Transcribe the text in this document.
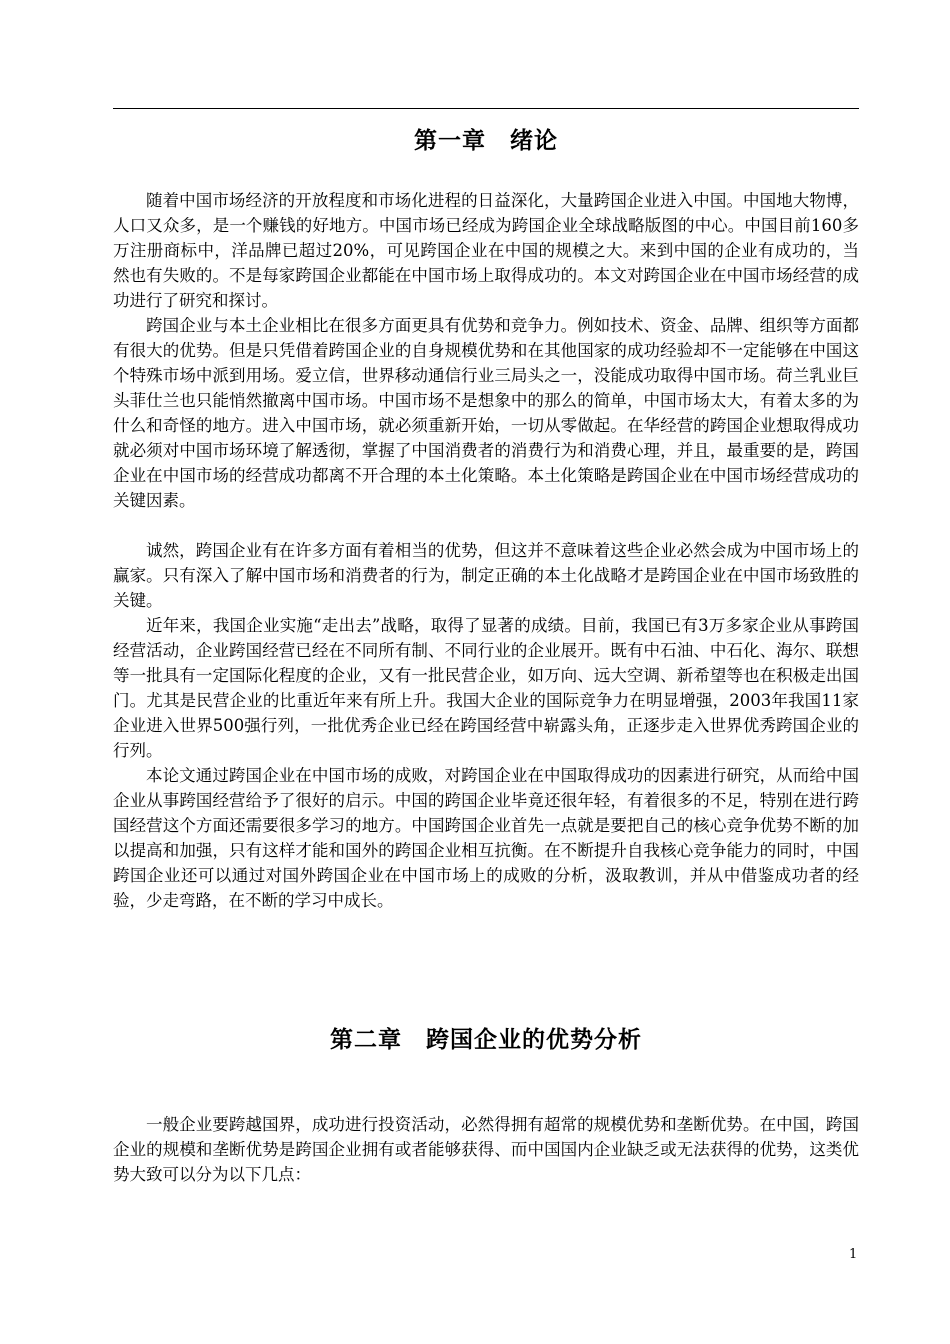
第一章　绪论
随着中国市场经济的开放程度和市场化进程的日益深化，大量跨国企业进入中国。中国地大物博，人口又众多，是一个赚钱的好地方。中国市场已经成为跨国企业全球战略版图的中心。中国目前160多万注册商标中，洋品牌已超过20%，可见跨国企业在中国的规模之大。来到中国的企业有成功的，当然也有失败的。不是每家跨国企业都能在中国市场上取得成功的。本文对跨国企业在中国市场经营的成功进行了研究和探讨。
跨国企业与本土企业相比在很多方面更具有优势和竞争力。例如技术、资金、品牌、组织等方面都有很大的优势。但是只凭借着跨国企业的自身规模优势和在其他国家的成功经验却不一定能够在中国这个特殊市场中派到用场。爱立信，世界移动通信行业三局头之一，没能成功取得中国市场。荷兰乳业巨头菲仕兰也只能悄然撤离中国市场。中国市场不是想象中的那么的简单，中国市场太大，有着太多的为什么和奇怪的地方。进入中国市场，就必须重新开始，一切从零做起。在华经营的跨国企业想取得成功就必须对中国市场环境了解透彻，掌握了中国消费者的消费行为和消费心理，并且，最重要的是，跨国企业在中国市场的经营成功都离不开合理的本土化策略。本土化策略是跨国企业在中国市场经营成功的关键因素。
诚然，跨国企业有在许多方面有着相当的优势，但这并不意味着这些企业必然会成为中国市场上的赢家。只有深入了解中国市场和消费者的行为，制定正确的本土化战略才是跨国企业在中国市场致胜的关键。
近年来，我国企业实施“走出去”战略，取得了显著的成绩。目前，我国已有3万多家企业从事跨国经营活动，企业跨国经营已经在不同所有制、不同行业的企业展开。既有中石油、中石化、海尔、联想等一批具有一定国际化程度的企业，又有一批民营企业，如万向、远大空调、新希望等也在积极走出国门。尤其是民营企业的比重近年来有所上升。我国大企业的国际竞争力在明显增强，2003年我国11家企业进入世界500强行列，一批优秀企业已经在跨国经营中崭露头角，正逐步走入世界优秀跨国企业的行列。
本论文通过跨国企业在中国市场的成败，对跨国企业在中国取得成功的因素进行研究，从而给中国企业从事跨国经营给予了很好的启示。中国的跨国企业毕竟还很年轻，有着很多的不足，特别在进行跨国经营这个方面还需要很多学习的地方。中国跨国企业首先一点就是要把自己的核心竞争优势不断的加以提高和加强，只有这样才能和国外的跨国企业相互抗衡。在不断提升自我核心竞争能力的同时，中国跨国企业还可以通过对国外跨国企业在中国市场上的成败的分析，汲取教训，并从中借鉴成功者的经验，少走弯路，在不断的学习中成长。
第二章　跨国企业的优势分析
一般企业要跨越国界，成功进行投资活动，必然得拥有超常的规模优势和垄断优势。在中国，跨国企业的规模和垄断优势是跨国企业拥有或者能够获得、而中国国内企业缺乏或无法获得的优势，这类优势大致可以分为以下几点：
1
